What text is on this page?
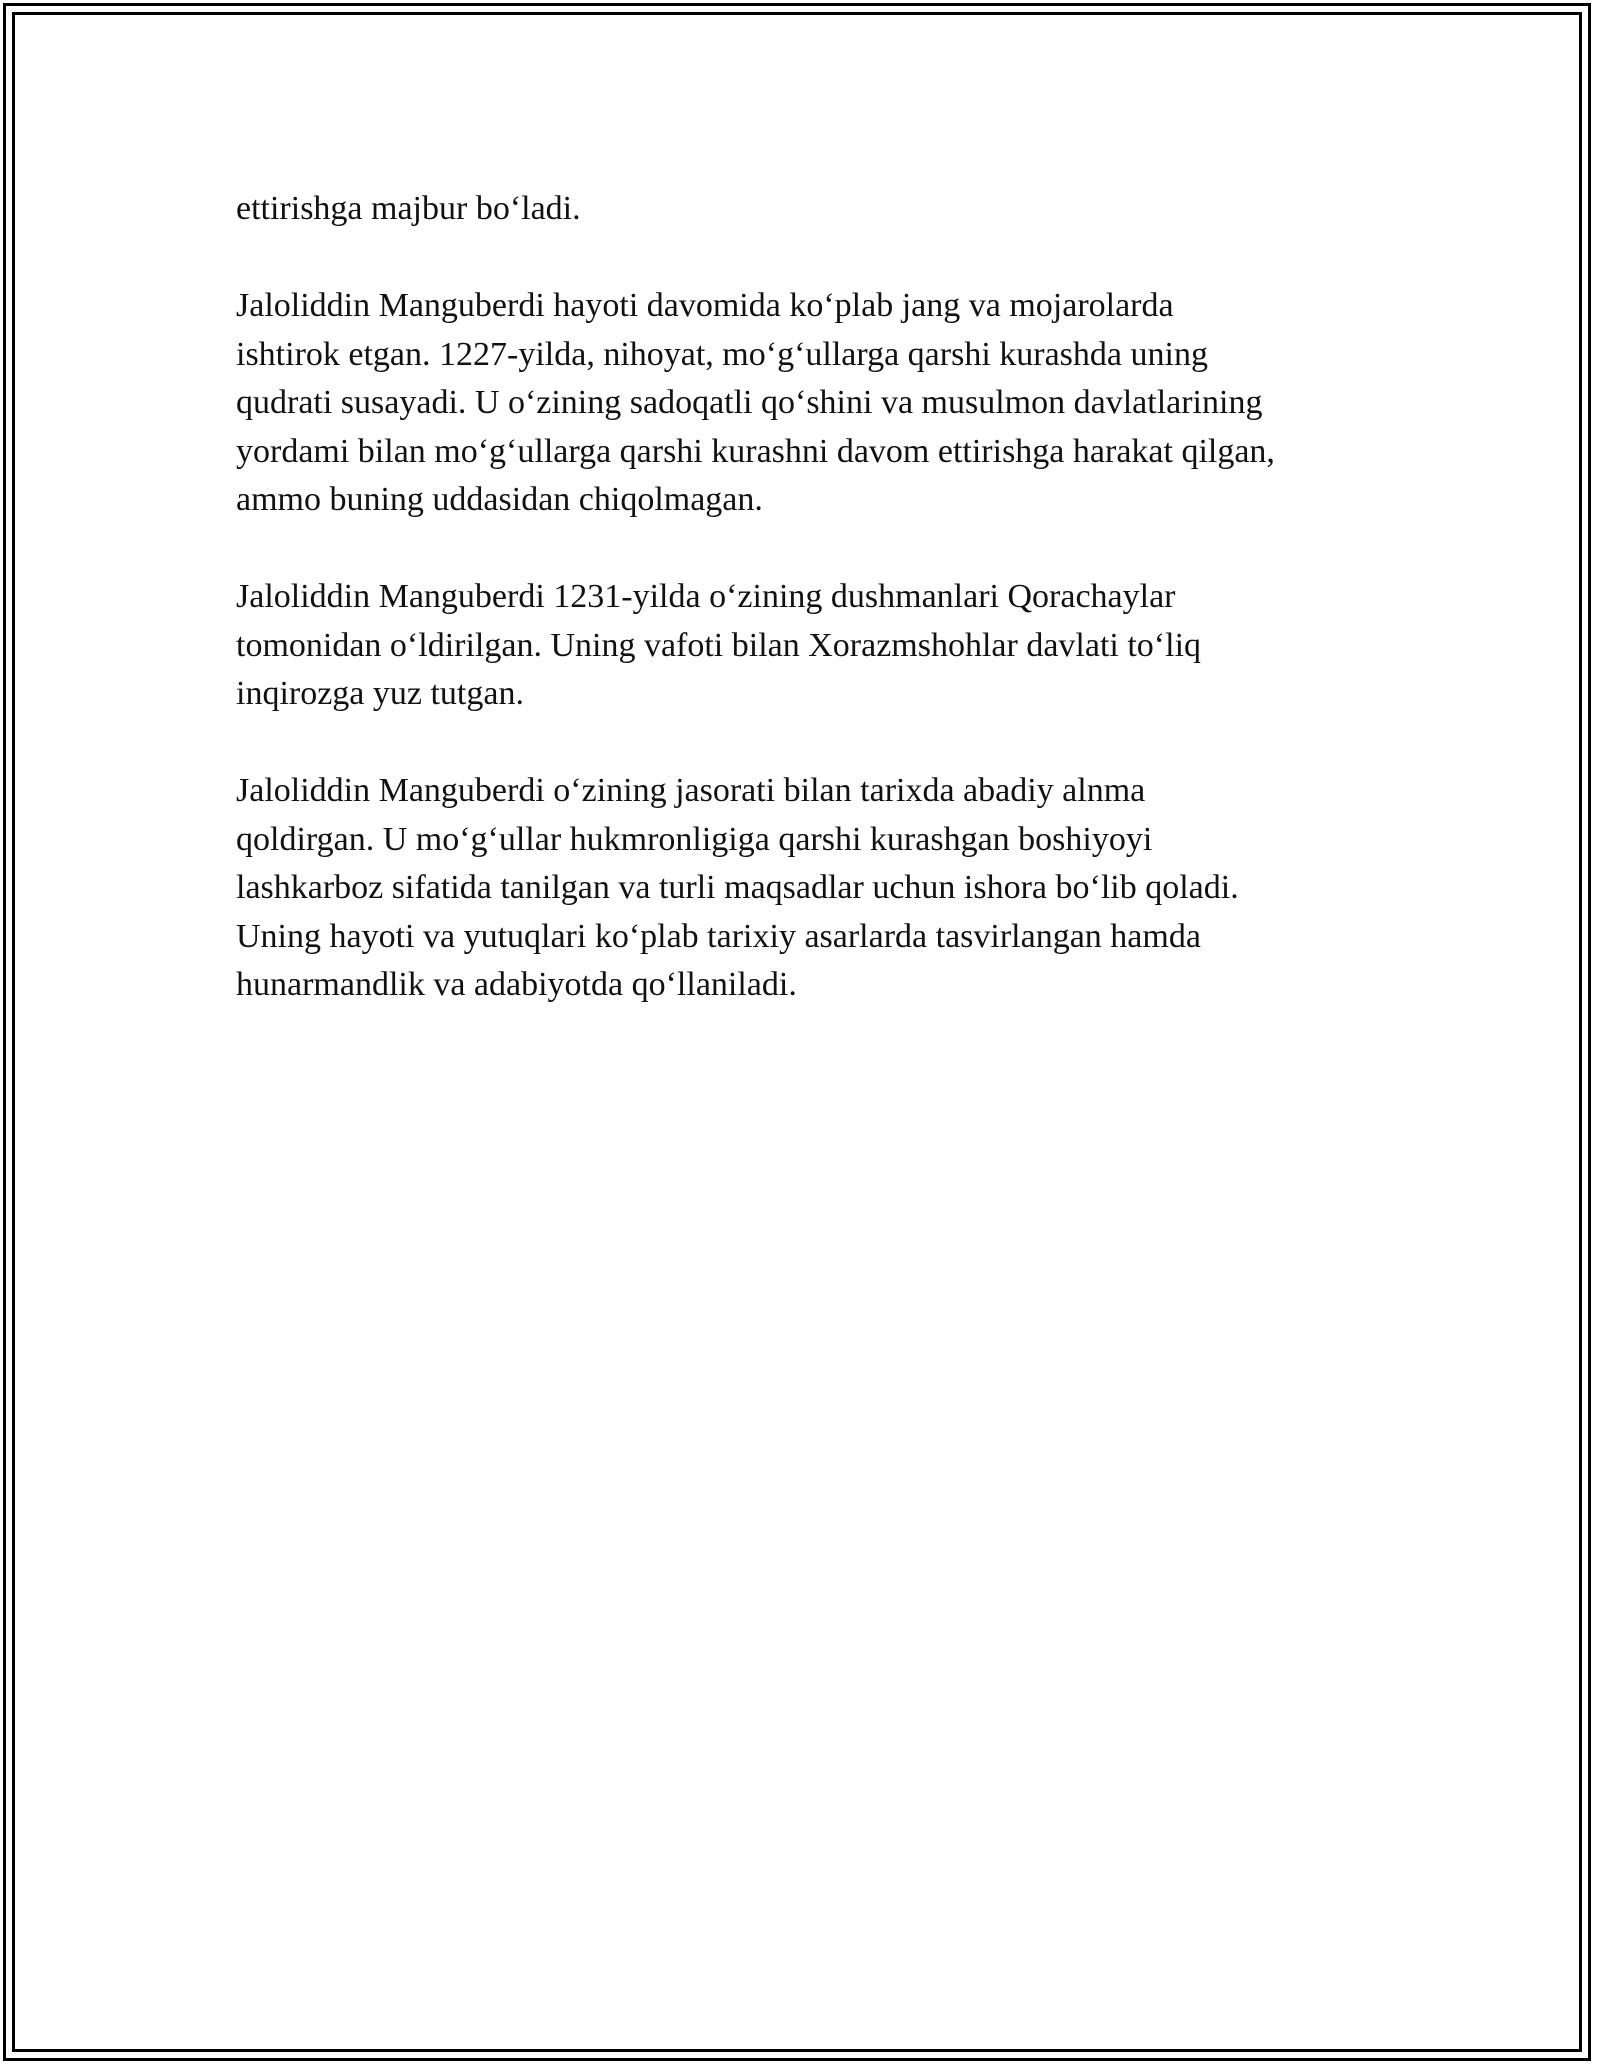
ettirishga majbur bo‘ladi.

Jaloliddin Manguberdi hayoti davomida ko‘plab jang va mojarolarda
ishtirok etgan. 1227-yilda, nihoyat, mo‘g‘ullarga qarshi kurashda uning
qudrati susayadi. U o‘zining sadoqatli qo‘shini va musulmon davlatlarining
yordami bilan mo‘g‘ullarga qarshi kurashni davom ettirishga harakat qilgan,
ammo buning uddasidan chiqolmagan.

Jaloliddin Manguberdi 1231-yilda o‘zining dushmanlari Qorachaylar
tomonidan o‘ldirilgan. Uning vafoti bilan Xorazmshohlar davlati to‘liq
inqirozga yuz tutgan.

Jaloliddin Manguberdi o‘zining jasorati bilan tarixda abadiy alnma
qoldirgan. U mo‘g‘ullar hukmronligiga qarshi kurashgan boshiyoyi
lashkarboz sifatida tanilgan va turli maqsadlar uchun ishora bo‘lib qoladi.
Uning hayoti va yutuqlari ko‘plab tarixiy asarlarda tasvirlangan hamda
hunarmandlik va adabiyotda qo‘llaniladi.
